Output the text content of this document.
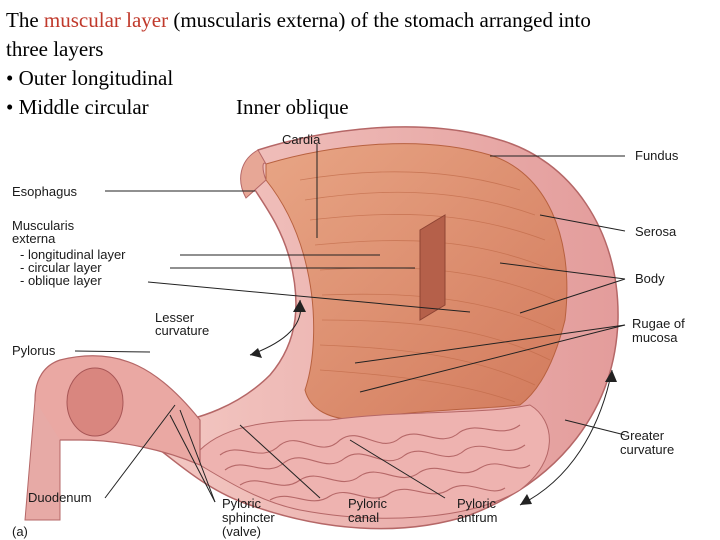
The muscular layer (muscularis externa) of the stomach arranged into
three layers
• Outer longitudinal
• Middle circular	Inner oblique
Cardia
Fundus
Esophagus
Muscularis
externa
- longitudinal layer
- circular layer
- oblique layer
Serosa
Body
Lesser
curvature	Rugae of
mucosa
Pylorus
Greater
curvature
Duodenum	Pyloric
sphincter
(valve)
Pyloric
canal
Pyloric
antrum
(a)
